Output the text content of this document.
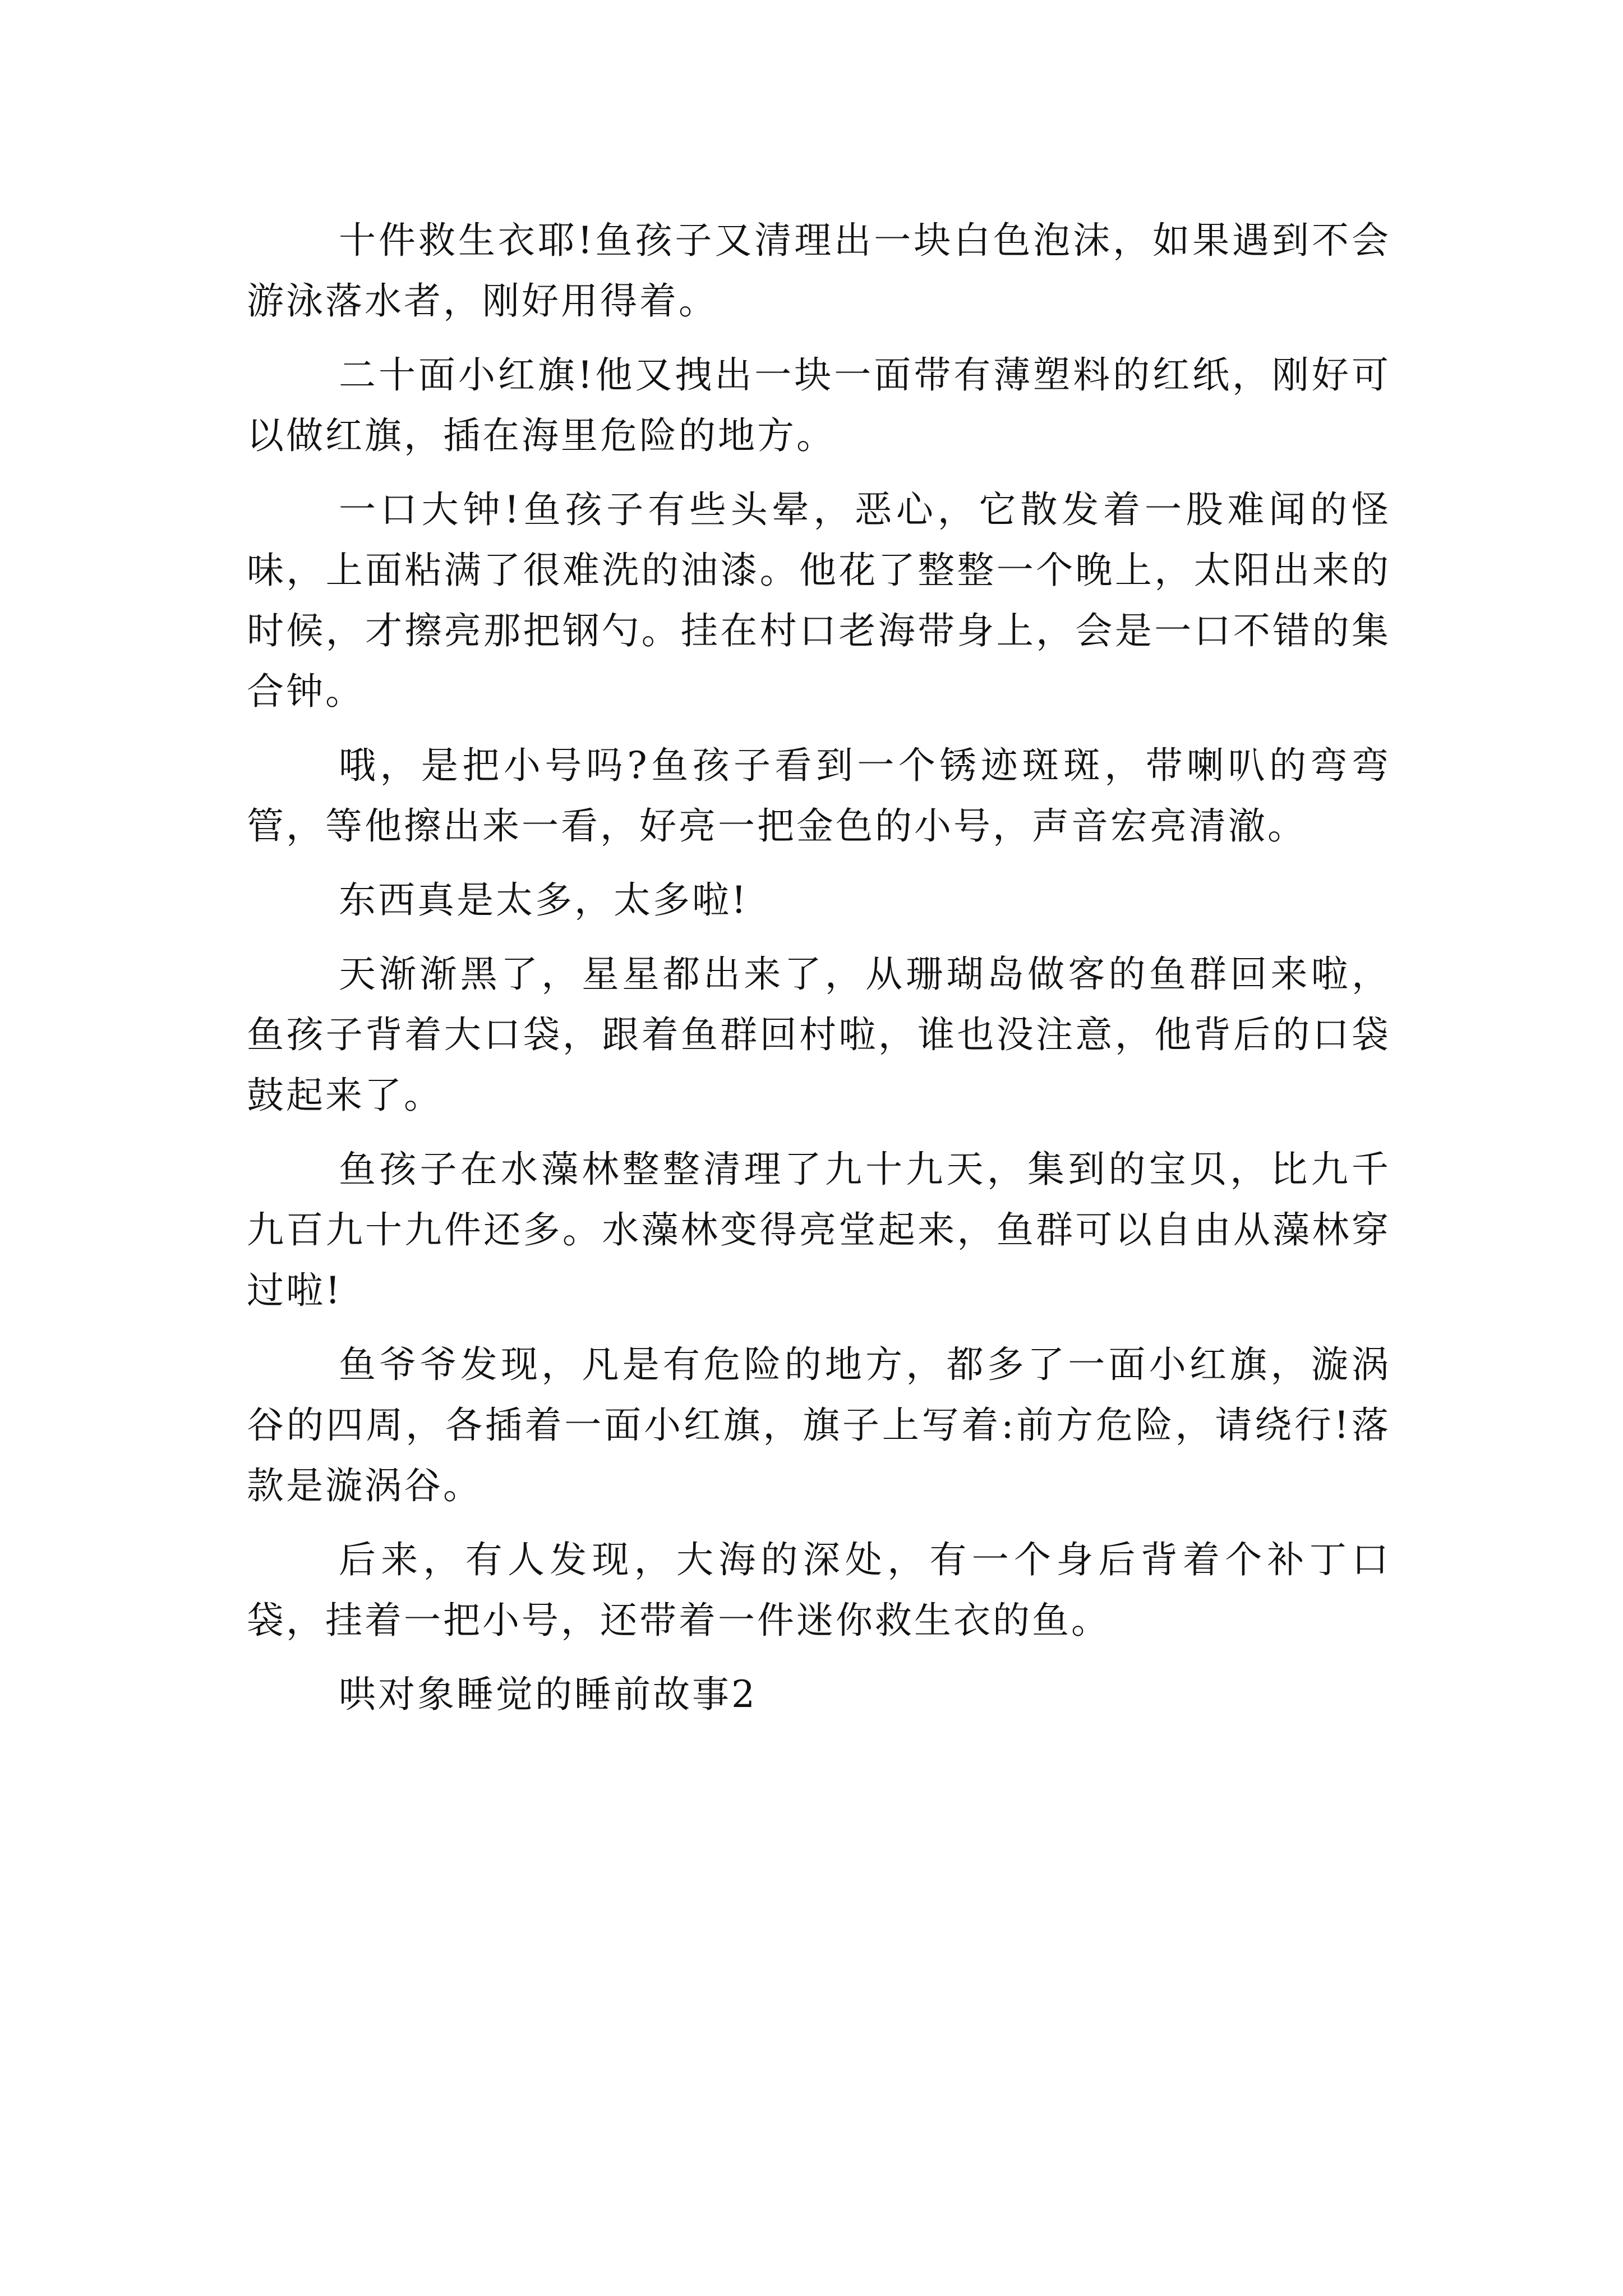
十件救生衣耶!鱼孩子又清理出一块白色泡沫，如果遇到不会游泳落水者，刚好用得着。

二十面小红旗!他又拽出一块一面带有薄塑料的红纸，刚好可以做红旗，插在海里危险的地方。

一口大钟!鱼孩子有些头晕，恶心，它散发着一股难闻的怪味，上面粘满了很难洗的油漆。他花了整整一个晚上，太阳出来的时候，才擦亮那把钢勺。挂在村口老海带身上，会是一口不错的集合钟。

哦，是把小号吗?鱼孩子看到一个锈迹斑斑，带喇叭的弯弯管，等他擦出来一看，好亮一把金色的小号，声音宏亮清澈。

东西真是太多，太多啦!

天渐渐黑了，星星都出来了，从珊瑚岛做客的鱼群回来啦，鱼孩子背着大口袋，跟着鱼群回村啦，谁也没注意，他背后的口袋鼓起来了。

鱼孩子在水藻林整整清理了九十九天，集到的宝贝，比九千九百九十九件还多。水藻林变得亮堂起来，鱼群可以自由从藻林穿过啦!

鱼爷爷发现，凡是有危险的地方，都多了一面小红旗，漩涡谷的四周，各插着一面小红旗，旗子上写着:前方危险，请绕行!落款是漩涡谷。

后来，有人发现，大海的深处，有一个身后背着个补丁口袋，挂着一把小号，还带着一件迷你救生衣的鱼。

哄对象睡觉的睡前故事2
